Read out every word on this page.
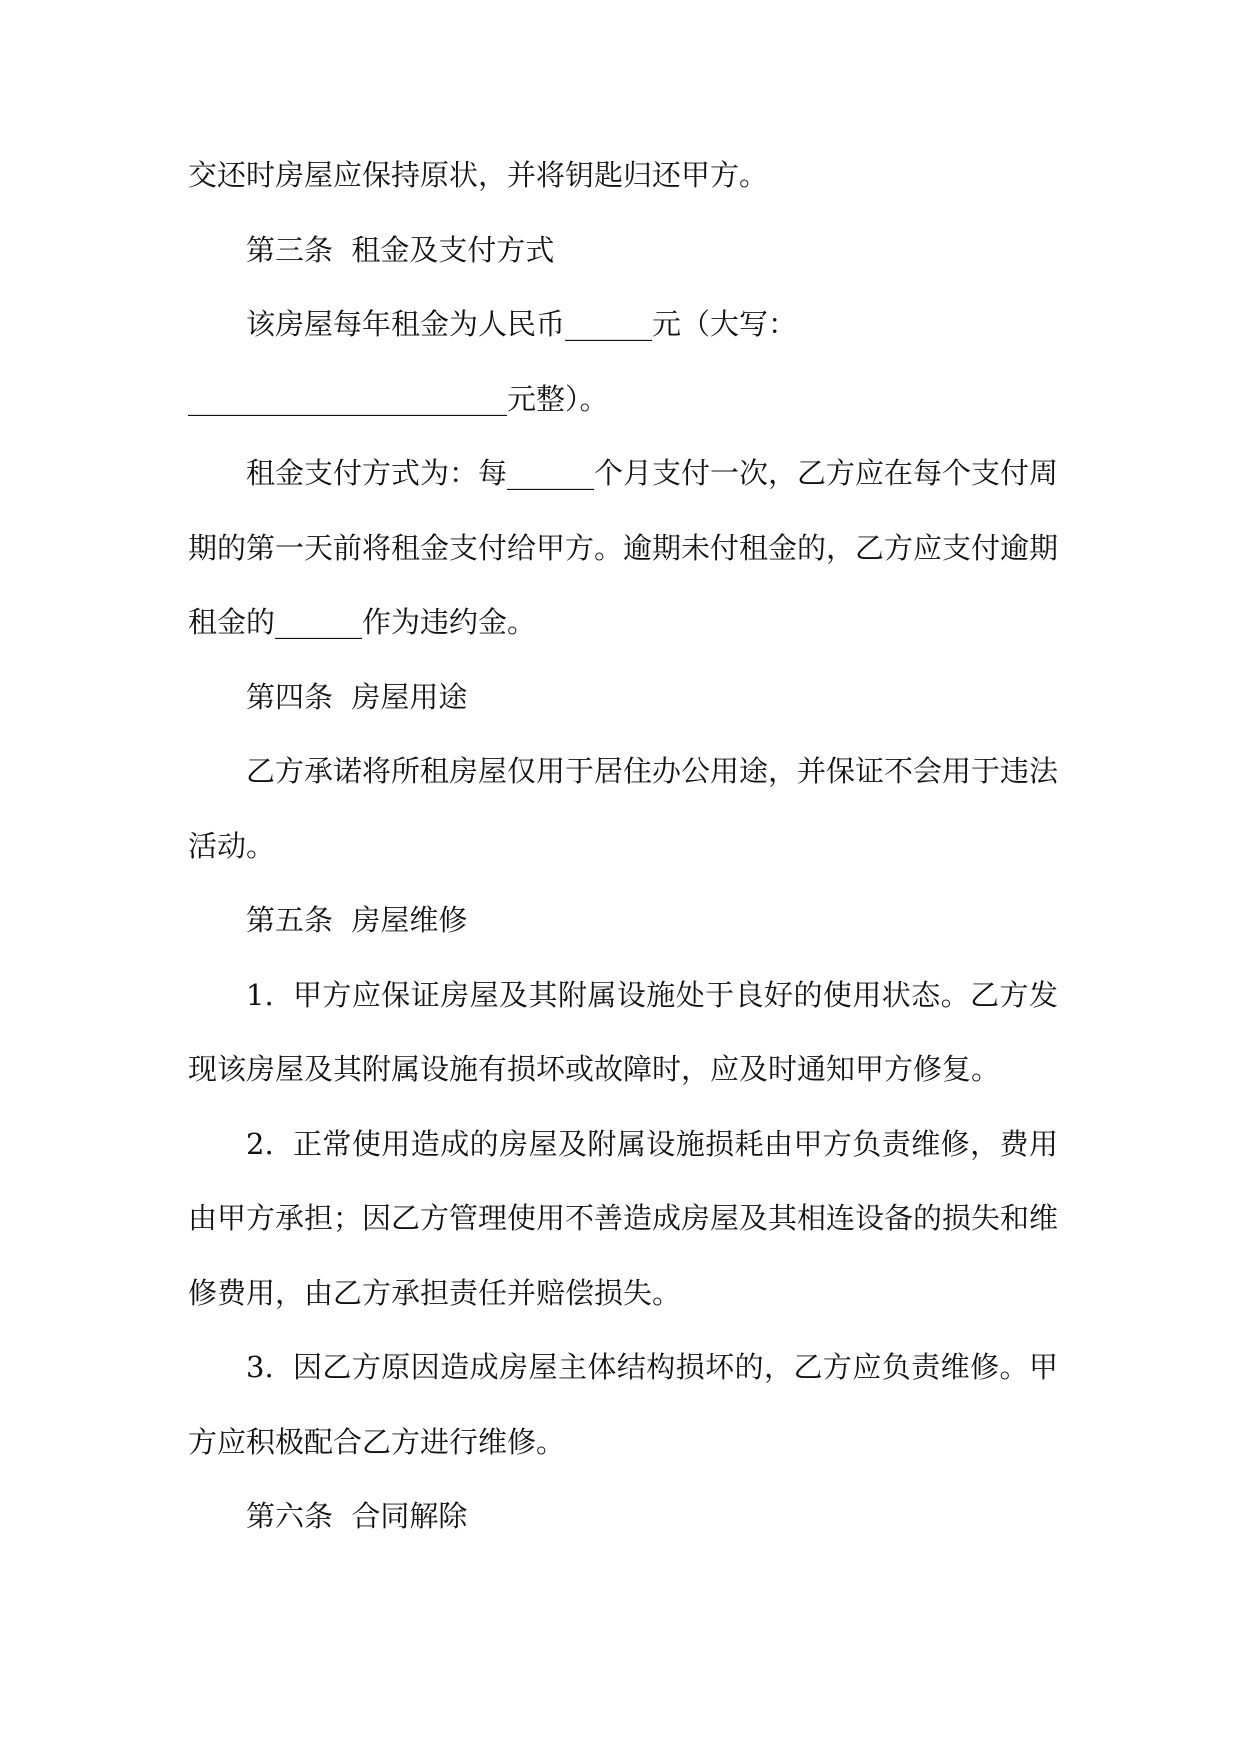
交还时房屋应保持原状，并将钥匙归还甲方。

第三条  租金及支付方式

该房屋每年租金为人民币______元（大写：

______________________元整）。

租金支付方式为：每______个月支付一次，乙方应在每个支付周期的第一天前将租金支付给甲方。逾期未付租金的，乙方应支付逾期租金的______作为违约金。

第四条  房屋用途

乙方承诺将所租房屋仅用于居住办公用途，并保证不会用于违法活动。

第五条  房屋维修

1.  甲方应保证房屋及其附属设施处于良好的使用状态。乙方发现该房屋及其附属设施有损坏或故障时，应及时通知甲方修复。

2.  正常使用造成的房屋及附属设施损耗由甲方负责维修，费用由甲方承担；因乙方管理使用不善造成房屋及其相连设备的损失和维修费用，由乙方承担责任并赔偿损失。

3.  因乙方原因造成房屋主体结构损坏的，乙方应负责维修。甲方应积极配合乙方进行维修。

第六条  合同解除
